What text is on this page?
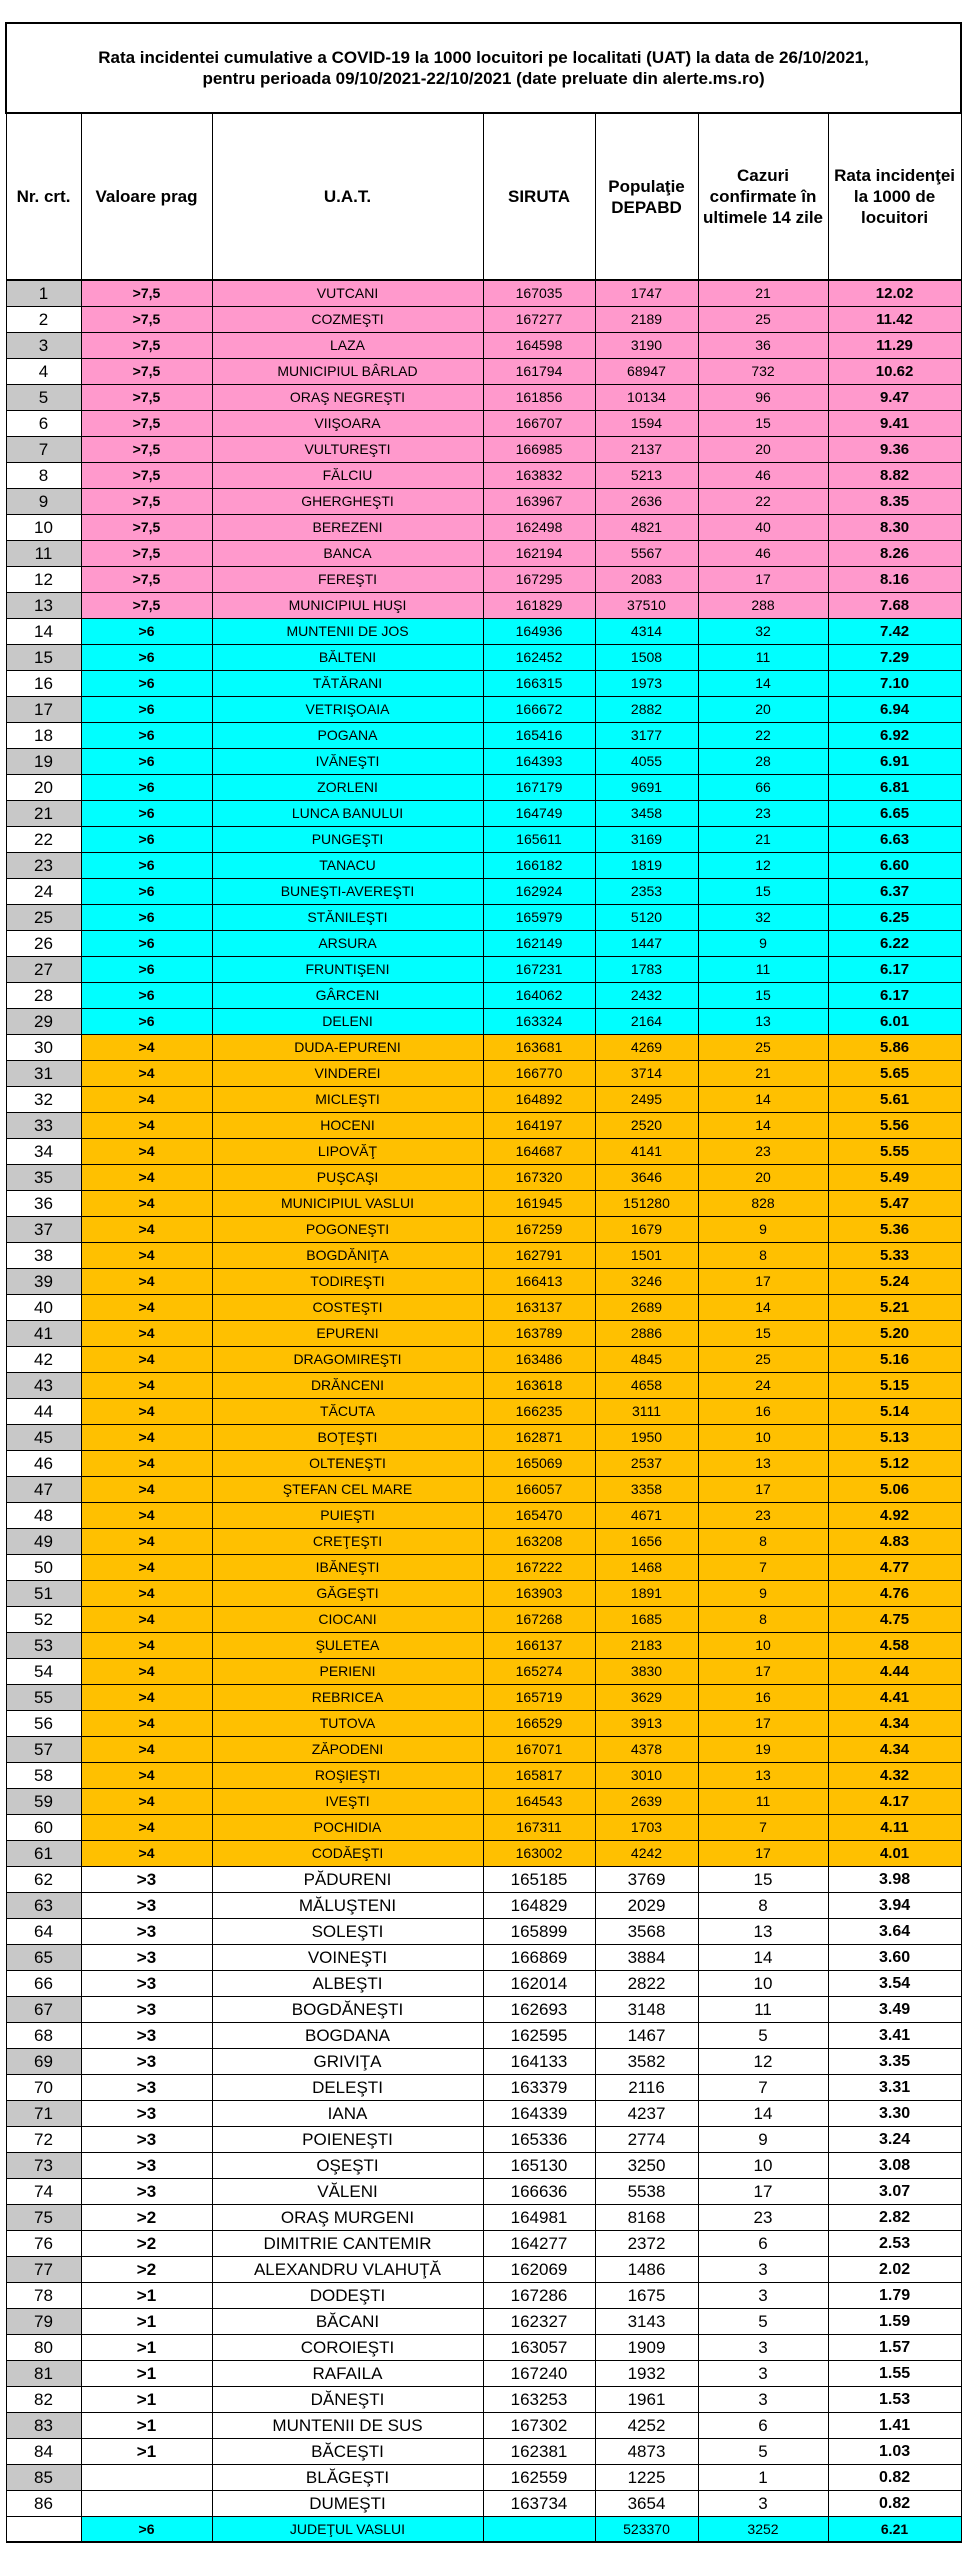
Rata incidentei cumulative a COVID-19 la 1000 locuitori pe localitati (UAT) la data de 26/10/2021,
pentru perioada 09/10/2021-22/10/2021 (date preluate din alerte.ms.ro)						

Nr. crt.	Valoare prag	U.A.T.	SIRUTA	Populaţie DEPABD	Cazuri confirmate în ultimele 14 zile	Rata incidenţei la 1000 de locuitori
1	>7,5	VUTCANI	167035	1747	21	12.02
2	>7,5	COZMEŞTI	167277	2189	25	11.42
3	>7,5	LAZA	164598	3190	36	11.29
4	>7,5	MUNICIPIUL BÂRLAD	161794	68947	732	10.62
5	>7,5	ORAŞ NEGREŞTI	161856	10134	96	9.47
6	>7,5	VIIŞOARA	166707	1594	15	9.41
7	>7,5	VULTUREŞTI	166985	2137	20	9.36
8	>7,5	FĂLCIU	163832	5213	46	8.82
9	>7,5	GHERGHEŞTI	163967	2636	22	8.35
10	>7,5	BEREZENI	162498	4821	40	8.30
11	>7,5	BANCA	162194	5567	46	8.26
12	>7,5	FEREŞTI	167295	2083	17	8.16
13	>7,5	MUNICIPIUL HUŞI	161829	37510	288	7.68
14	>6	MUNTENII DE JOS	164936	4314	32	7.42
15	>6	BĂLTENI	162452	1508	11	7.29
16	>6	TĂTĂRANI	166315	1973	14	7.10
17	>6	VETRIŞOAIA	166672	2882	20	6.94
18	>6	POGANA	165416	3177	22	6.92
19	>6	IVĂNEŞTI	164393	4055	28	6.91
20	>6	ZORLENI	167179	9691	66	6.81
21	>6	LUNCA BANULUI	164749	3458	23	6.65
22	>6	PUNGEŞTI	165611	3169	21	6.63
23	>6	TANACU	166182	1819	12	6.60
24	>6	BUNEŞTI-AVEREŞTI	162924	2353	15	6.37
25	>6	STĂNILEŞTI	165979	5120	32	6.25
26	>6	ARSURA	162149	1447	9	6.22
27	>6	FRUNTIŞENI	167231	1783	11	6.17
28	>6	GÂRCENI	164062	2432	15	6.17
29	>6	DELENI	163324	2164	13	6.01
30	>4	DUDA-EPURENI	163681	4269	25	5.86
31	>4	VINDEREI	166770	3714	21	5.65
32	>4	MICLEŞTI	164892	2495	14	5.61
33	>4	HOCENI	164197	2520	14	5.56
34	>4	LIPOVĂŢ	164687	4141	23	5.55
35	>4	PUŞCAŞI	167320	3646	20	5.49
36	>4	MUNICIPIUL VASLUI	161945	151280	828	5.47
37	>4	POGONEŞTI	167259	1679	9	5.36
38	>4	BOGDĂNIŢA	162791	1501	8	5.33
39	>4	TODIREŞTI	166413	3246	17	5.24
40	>4	COSTEŞTI	163137	2689	14	5.21
41	>4	EPURENI	163789	2886	15	5.20
42	>4	DRAGOMIREŞTI	163486	4845	25	5.16
43	>4	DRĂNCENI	163618	4658	24	5.15
44	>4	TĂCUTA	166235	3111	16	5.14
45	>4	BOŢEŞTI	162871	1950	10	5.13
46	>4	OLTENEŞTI	165069	2537	13	5.12
47	>4	ŞTEFAN CEL MARE	166057	3358	17	5.06
48	>4	PUIEŞTI	165470	4671	23	4.92
49	>4	CREŢEŞTI	163208	1656	8	4.83
50	>4	IBĂNEŞTI	167222	1468	7	4.77
51	>4	GĂGEŞTI	163903	1891	9	4.76
52	>4	CIOCANI	167268	1685	8	4.75
53	>4	ŞULETEA	166137	2183	10	4.58
54	>4	PERIENI	165274	3830	17	4.44
55	>4	REBRICEA	165719	3629	16	4.41
56	>4	TUTOVA	166529	3913	17	4.34
57	>4	ZĂPODENI	167071	4378	19	4.34
58	>4	ROŞIEŞTI	165817	3010	13	4.32
59	>4	IVEŞTI	164543	2639	11	4.17
60	>4	POCHIDIA	167311	1703	7	4.11
61	>4	CODĂEŞTI	163002	4242	17	4.01
62	>3	PĂDURENI	165185	3769	15	3.98
63	>3	MĂLUŞTENI	164829	2029	8	3.94
64	>3	SOLEŞTI	165899	3568	13	3.64
65	>3	VOINEŞTI	166869	3884	14	3.60
66	>3	ALBEŞTI	162014	2822	10	3.54
67	>3	BOGDĂNEŞTI	162693	3148	11	3.49
68	>3	BOGDANA	162595	1467	5	3.41
69	>3	GRIVIŢA	164133	3582	12	3.35
70	>3	DELEŞTI	163379	2116	7	3.31
71	>3	IANA	164339	4237	14	3.30
72	>3	POIENEŞTI	165336	2774	9	3.24
73	>3	OŞEŞTI	165130	3250	10	3.08
74	>3	VĂLENI	166636	5538	17	3.07
75	>2	ORAŞ MURGENI	164981	8168	23	2.82
76	>2	DIMITRIE CANTEMIR	164277	2372	6	2.53
77	>2	ALEXANDRU VLAHUŢĂ	162069	1486	3	2.02
78	>1	DODEŞTI	167286	1675	3	1.79
79	>1	BĂCANI	162327	3143	5	1.59
80	>1	COROIEŞTI	163057	1909	3	1.57
81	>1	RAFAILA	167240	1932	3	1.55
82	>1	DĂNEŞTI	163253	1961	3	1.53
83	>1	MUNTENII DE SUS	167302	4252	6	1.41
84	>1	BĂCEŞTI	162381	4873	5	1.03
85		BLĂGEŞTI	162559	1225	1	0.82
86		DUMEŞTI	163734	3654	3	0.82
	>6	JUDEŢUL VASLUI		523370	3252	6.21
